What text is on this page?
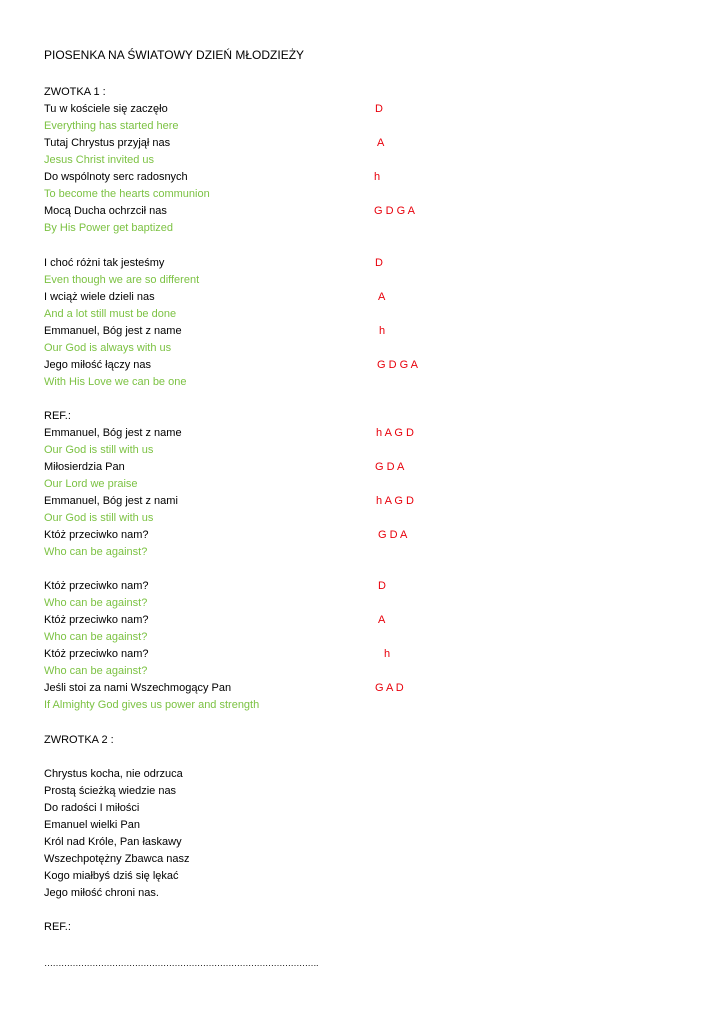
PIOSENKA NA ŚWIATOWY DZIEŃ MŁODZIEŻY
ZWOTKA 1 :
Tu w kościele się zaczęło	D
Everything has started here
Tutaj Chrystus przyjął nas	A
Jesus Christ invited us
Do wspólnoty serc radosnych	h
To become the hearts communion
Mocą Ducha ochrzcił nas	G D G A
By His Power get baptized
I choć różni tak jesteśmy	D
Even though we are so different
I wciąż wiele dzieli nas	A
And a lot still must be done
Emmanuel, Bóg jest z name	h
Our God is always with us
Jego miłość łączy nas	G D G A
With His Love we can be one
REF.:
Emmanuel, Bóg jest z name	h A G D
Our God is still with us
Miłosierdzia Pan	G D A
Our Lord we praise
Emmanuel, Bóg jest z nami	h A G D
Our God is still with us
Któż przeciwko nam?	G D A
Who can be against?
Któż przeciwko nam?	D
Who can be against?
Któż przeciwko nam?	A
Who can be against?
Któż przeciwko nam?	h
Who can be against?
Jeśli stoi za nami Wszechmogący Pan	G A D
If Almighty God gives us power and strength
ZWROTKA 2 :
Chrystus kocha, nie odrzuca
Prostą ścieżką wiedzie nas
Do radości I miłości
Emanuel wielki Pan
Król nad Króle, Pan łaskawy
Wszechpotężny Zbawca nasz
Kogo miałbyś dziś się lękać
Jego miłość chroni nas.
REF.:
…………………………………………………………………………………….
